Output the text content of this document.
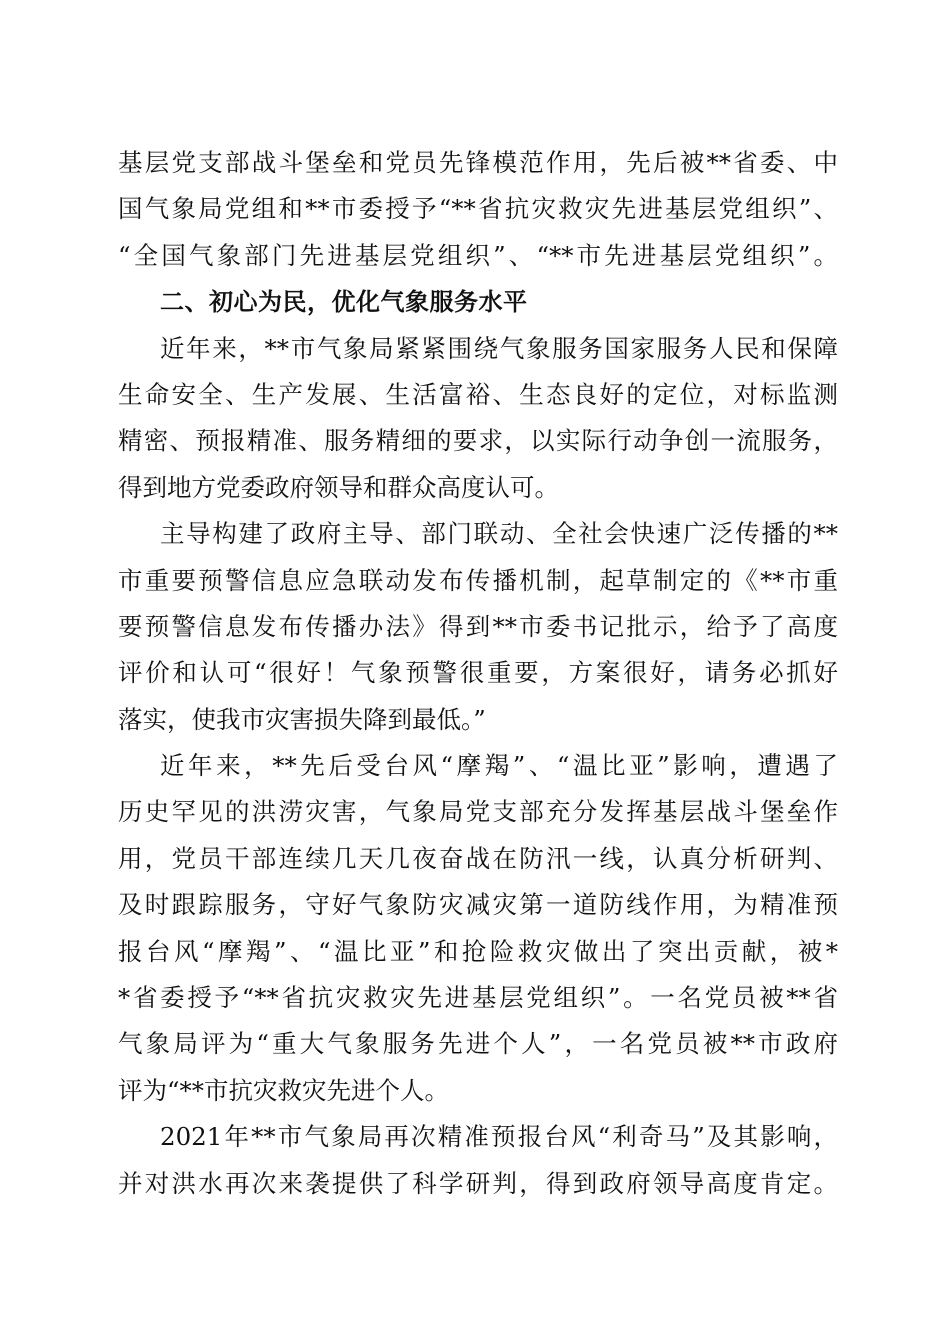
基层党支部战斗堡垒和党员先锋模范作用，先后被**省委、中
国气象局党组和**市委授予“**省抗灾救灾先进基层党组织”、
“全国气象部门先进基层党组织”、“**市先进基层党组织”。
二、初心为民，优化气象服务水平
近年来，**市气象局紧紧围绕气象服务国家服务人民和保障
生命安全、生产发展、生活富裕、生态良好的定位，对标监测
精密、预报精准、服务精细的要求，以实际行动争创一流服务，
得到地方党委政府领导和群众高度认可。
主导构建了政府主导、部门联动、全社会快速广泛传播的**
市重要预警信息应急联动发布传播机制，起草制定的《**市重
要预警信息发布传播办法》得到**市委书记批示，给予了高度
评价和认可“很好！气象预警很重要，方案很好，请务必抓好
落实，使我市灾害损失降到最低。”
近年来，**先后受台风“摩羯”、“温比亚”影响，遭遇了
历史罕见的洪涝灾害，气象局党支部充分发挥基层战斗堡垒作
用，党员干部连续几天几夜奋战在防汛一线，认真分析研判、
及时跟踪服务，守好气象防灾减灾第一道防线作用，为精准预
报台风“摩羯”、“温比亚”和抢险救灾做出了突出贡献，被*
*省委授予“**省抗灾救灾先进基层党组织”。一名党员被**省
气象局评为“重大气象服务先进个人”，一名党员被**市政府
评为“**市抗灾救灾先进个人。
2021年**市气象局再次精准预报台风“利奇马”及其影响，
并对洪水再次来袭提供了科学研判，得到政府领导高度肯定。
